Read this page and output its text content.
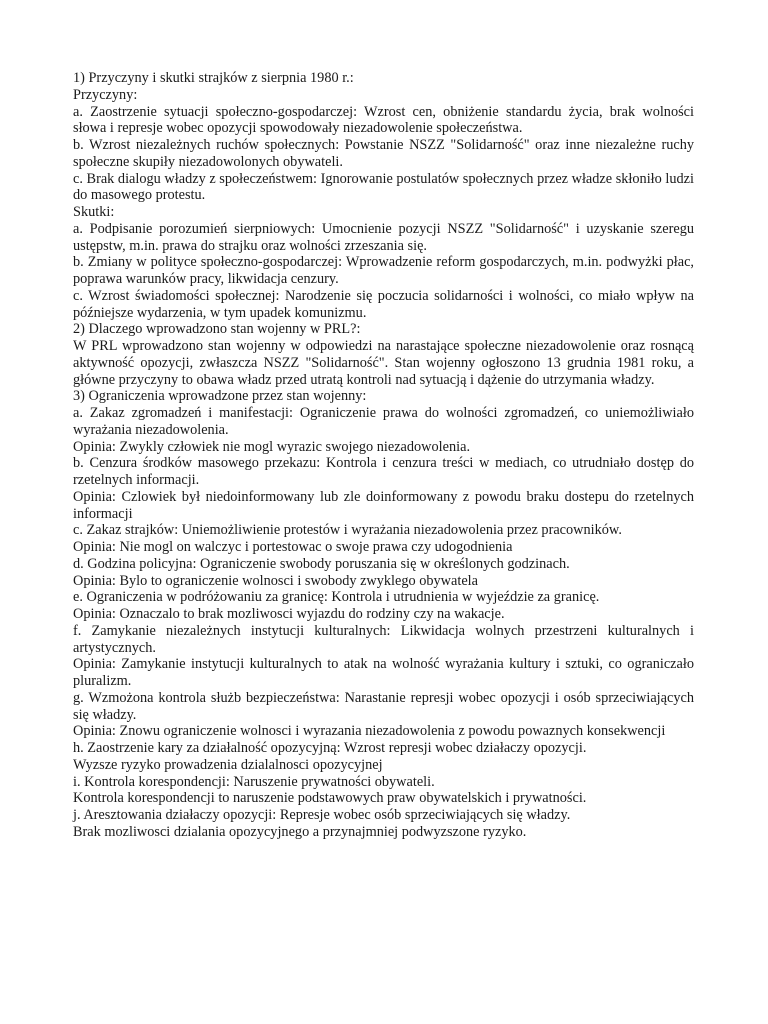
1) Przyczyny i skutki strajków z sierpnia 1980 r.:

Przyczyny:

a. Zaostrzenie sytuacji społeczno-gospodarczej: Wzrost cen, obniżenie standardu życia, brak wolności słowa i represje wobec opozycji spowodowały niezadowolenie społeczeństwa.

b. Wzrost niezależnych ruchów społecznych: Powstanie NSZZ "Solidarność" oraz inne niezależne ruchy społeczne skupiły niezadowolonych obywateli.

c. Brak dialogu władzy z społeczeństwem: Ignorowanie postulatów społecznych przez władze skłoniło ludzi do masowego protestu.

Skutki:

a. Podpisanie porozumień sierpniowych: Umocnienie pozycji NSZZ "Solidarność" i uzyskanie szeregu ustępstw, m.in. prawa do strajku oraz wolności zrzeszania się.

b. Zmiany w polityce społeczno-gospodarczej: Wprowadzenie reform gospodarczych, m.in. podwyżki płac, poprawa warunków pracy, likwidacja cenzury.

c. Wzrost świadomości społecznej: Narodzenie się poczucia solidarności i wolności, co miało wpływ na późniejsze wydarzenia, w tym upadek komunizmu.

2) Dlaczego wprowadzono stan wojenny w PRL?:

W PRL wprowadzono stan wojenny w odpowiedzi na narastające społeczne niezadowolenie oraz rosnącą aktywność opozycji, zwłaszcza NSZZ "Solidarność". Stan wojenny ogłoszono 13 grudnia 1981 roku, a główne przyczyny to obawa władz przed utratą kontroli nad sytuacją i dążenie do utrzymania władzy.

3) Ograniczenia wprowadzone przez stan wojenny:

a. Zakaz zgromadzeń i manifestacji: Ograniczenie prawa do wolności zgromadzeń, co uniemożliwiało wyrażania niezadowolenia.

Opinia: Zwykly człowiek nie mogl wyrazic swojego niezadowolenia.

b. Cenzura środków masowego przekazu: Kontrola i cenzura treści w mediach, co utrudniało dostęp do rzetelnych informacji.

Opinia: Czlowiek był niedoinformowany lub zle doinformowany z powodu braku dostepu do rzetelnych informacji

c. Zakaz strajków: Uniemożliwienie protestów i wyrażania niezadowolenia przez pracowników.

Opinia: Nie mogl on walczyc i portestowac o swoje prawa czy udogodnienia

d. Godzina policyjna: Ograniczenie swobody poruszania się w określonych godzinach.

Opinia: Bylo to ograniczenie wolnosci i swobody zwyklego obywatela

e. Ograniczenia w podróżowaniu za granicę: Kontrola i utrudnienia w wyjeździe za granicę.

Opinia: Oznaczalo to brak mozliwosci wyjazdu do rodziny czy na wakacje.

f. Zamykanie niezależnych instytucji kulturalnych: Likwidacja wolnych przestrzeni kulturalnych i artystycznych.

Opinia: Zamykanie instytucji kulturalnych to atak na wolność wyrażania kultury i sztuki, co ograniczało pluralizm.

g. Wzmożona kontrola służb bezpieczeństwa: Narastanie represji wobec opozycji i osób sprzeciwiających się władzy.

Opinia: Znowu ograniczenie wolnosci i wyrazania niezadowolenia z powodu powaznych konsekwencji

h. Zaostrzenie kary za działalność opozycyjną: Wzrost represji wobec działaczy opozycji.

Wyzsze ryzyko prowadzenia dzialalnosci opozycyjnej

i. Kontrola korespondencji: Naruszenie prywatności obywateli.

Kontrola korespondencji to naruszenie podstawowych praw obywatelskich i prywatności.

j. Aresztowania działaczy opozycji: Represje wobec osób sprzeciwiających się władzy.

Brak mozliwosci dzialania opozycyjnego a przynajmniej podwyzszone ryzyko.
